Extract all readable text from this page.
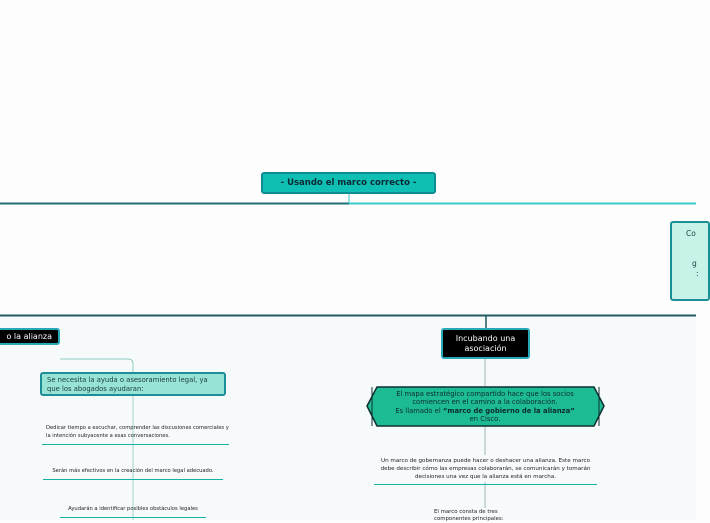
- Usando el marco correcto -
Co
g
:
o la alianza	Incubando una
asociación
Se necesita la ayuda o asesoramiento legal, ya que los abogados ayudaran:
Dedicar tiempo a escuchar, comprender las discusiones comerciales y la intención subyacente a esas conversaciones.
Serán más efectivos en la creación del marco legal adecuado.
Ayudarán a identificar posibles obstáculos legales
El mapa estratégico compartido hace que los socios comiencen en el camino a la colaboración.
Es llamado el “marco de gobierno de la alianza”
en Cisco.
Un marco de gobernanza puede hacer o deshacer una alianza. Este marco debe describir cómo las empresas colaborarán, se comunicarán y tomarán decisiones una vez que la alianza está en marcha.
El marco consta de tres
componentes principales:
